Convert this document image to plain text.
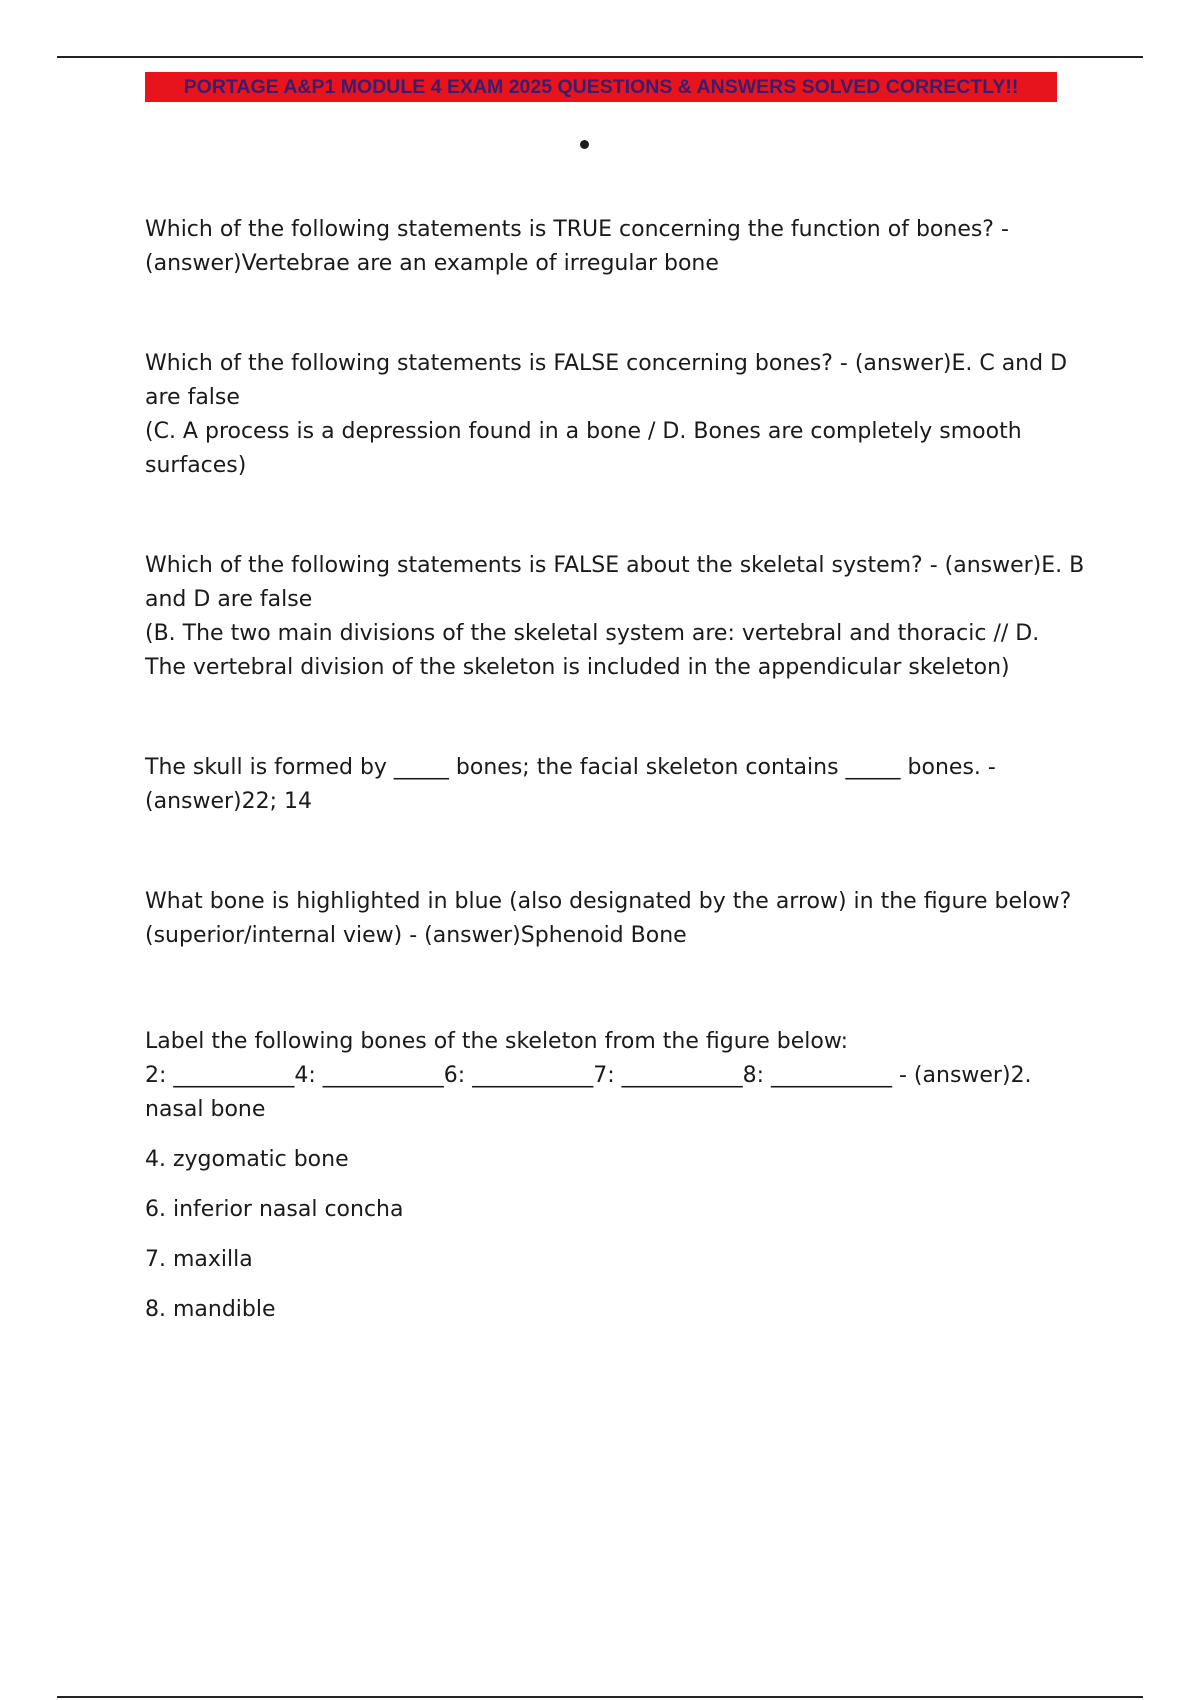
PORTAGE A&P1 MODULE 4 EXAM 2025 QUESTIONS & ANSWERS SOLVED CORRECTLY!!

Which of the following statements is TRUE concerning the function of bones? - (answer)Vertebrae are an example of irregular bone

Which of the following statements is FALSE concerning bones? - (answer)E. C and D are false

(C. A process is a depression found in a bone / D. Bones are completely smooth surfaces)

Which of the following statements is FALSE about the skeletal system? - (answer)E. B and D are false

(B. The two main divisions of the skeletal system are: vertebral and thoracic // D. The vertebral division of the skeleton is included in the appendicular skeleton)

The skull is formed by _____ bones; the facial skeleton contains _____ bones. - (answer)22; 14

What bone is highlighted in blue (also designated by the arrow) in the figure below? (superior/internal view) - (answer)Sphenoid Bone

Label the following bones of the skeleton from the figure below:

2: ___________4: ___________6: ___________7: ___________8: ___________ - (answer)2. nasal bone

4. zygomatic bone

6. inferior nasal concha

7. maxilla

8. mandible
